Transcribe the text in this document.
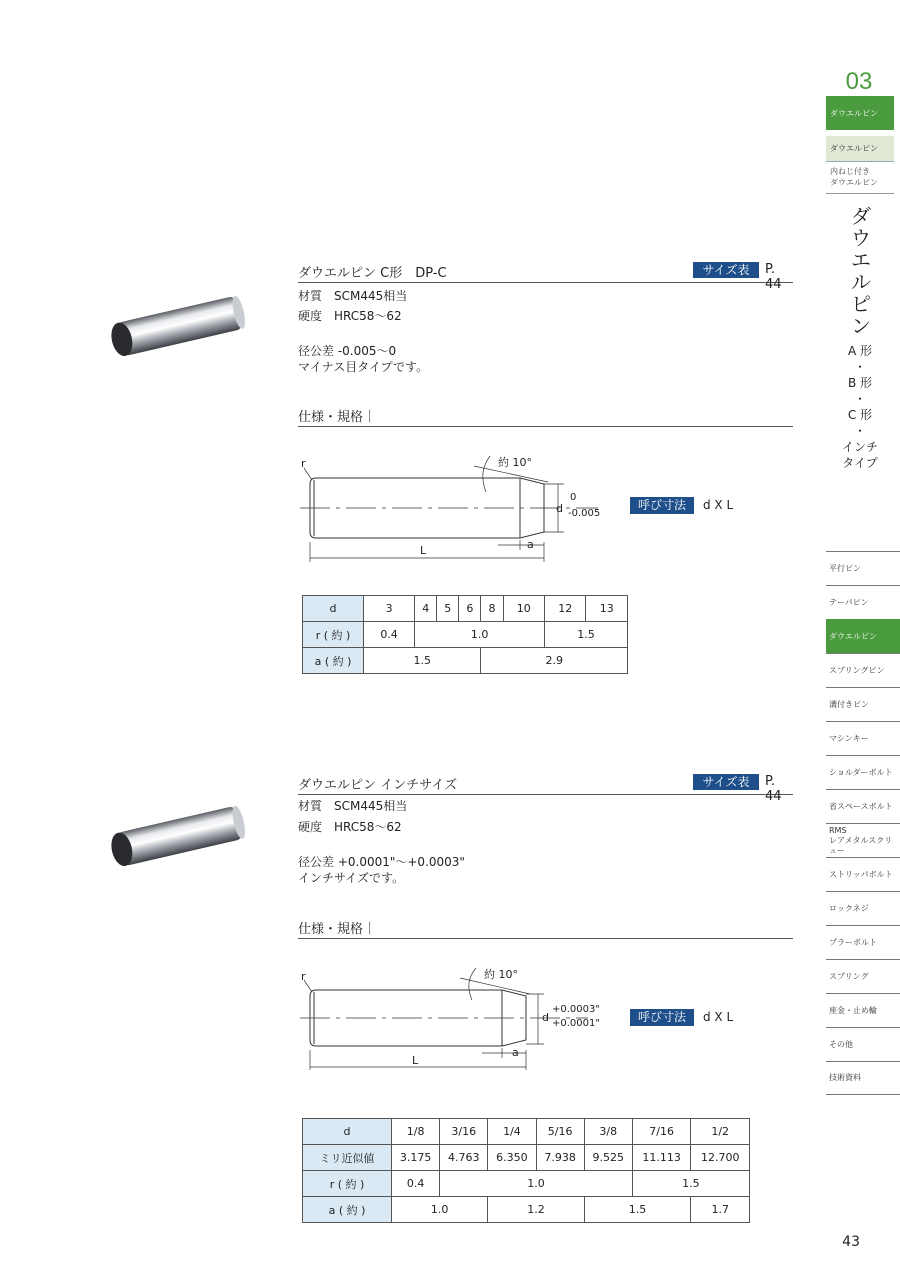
03
ダウエルピン
ダウエルピン
内ねじ付き
ダウエルピン
ダ
ウ
エ
ル
ピ
ン
A 形
・
B 形
・
C 形
・
インチ
タイプ
平行ピン
テーパピン
ダウエルピン
スプリングピン
溝付きピン
マシンキー
ショルダーボルト
省スペースボルト
RMS
レアメタルスクリュー
ストリッパボルト
ロックネジ
プラーボルト
スプリング
座金・止め輪
その他
技術資料
43
ダウエルピン C形　DP-C	サイズ表	P. 44
材質　SCM445相当
硬度　HRC58～62
径公差 -0.005～0
マイナス目タイプです。
仕様・規格｜
約 10°
r
d
0
-0.005
L	a
呼び寸法	d X L
d	3	4	5	6	8	10	12	13
r ( 約 )	0.4	1.0					1.5	
a ( 約 )	1.5				2.9			
ダウエルピン インチサイズ	サイズ表	P. 44
材質　SCM445相当
硬度　HRC58～62
径公差 +0.0001"～+0.0003"
インチサイズです。
仕様・規格｜
約 10°
r
d
+0.0003"
+0.0001"
L
a
呼び寸法	d X L
d	1/8	3/16	1/4	5/16	3/8	7/16	1/2
ミリ近似値	3.175	4.763	6.350	7.938	9.525	11.113	12.700
r ( 約 )	0.4	1.0				1.5	
a ( 約 )	1.0		1.2		1.5		1.7
